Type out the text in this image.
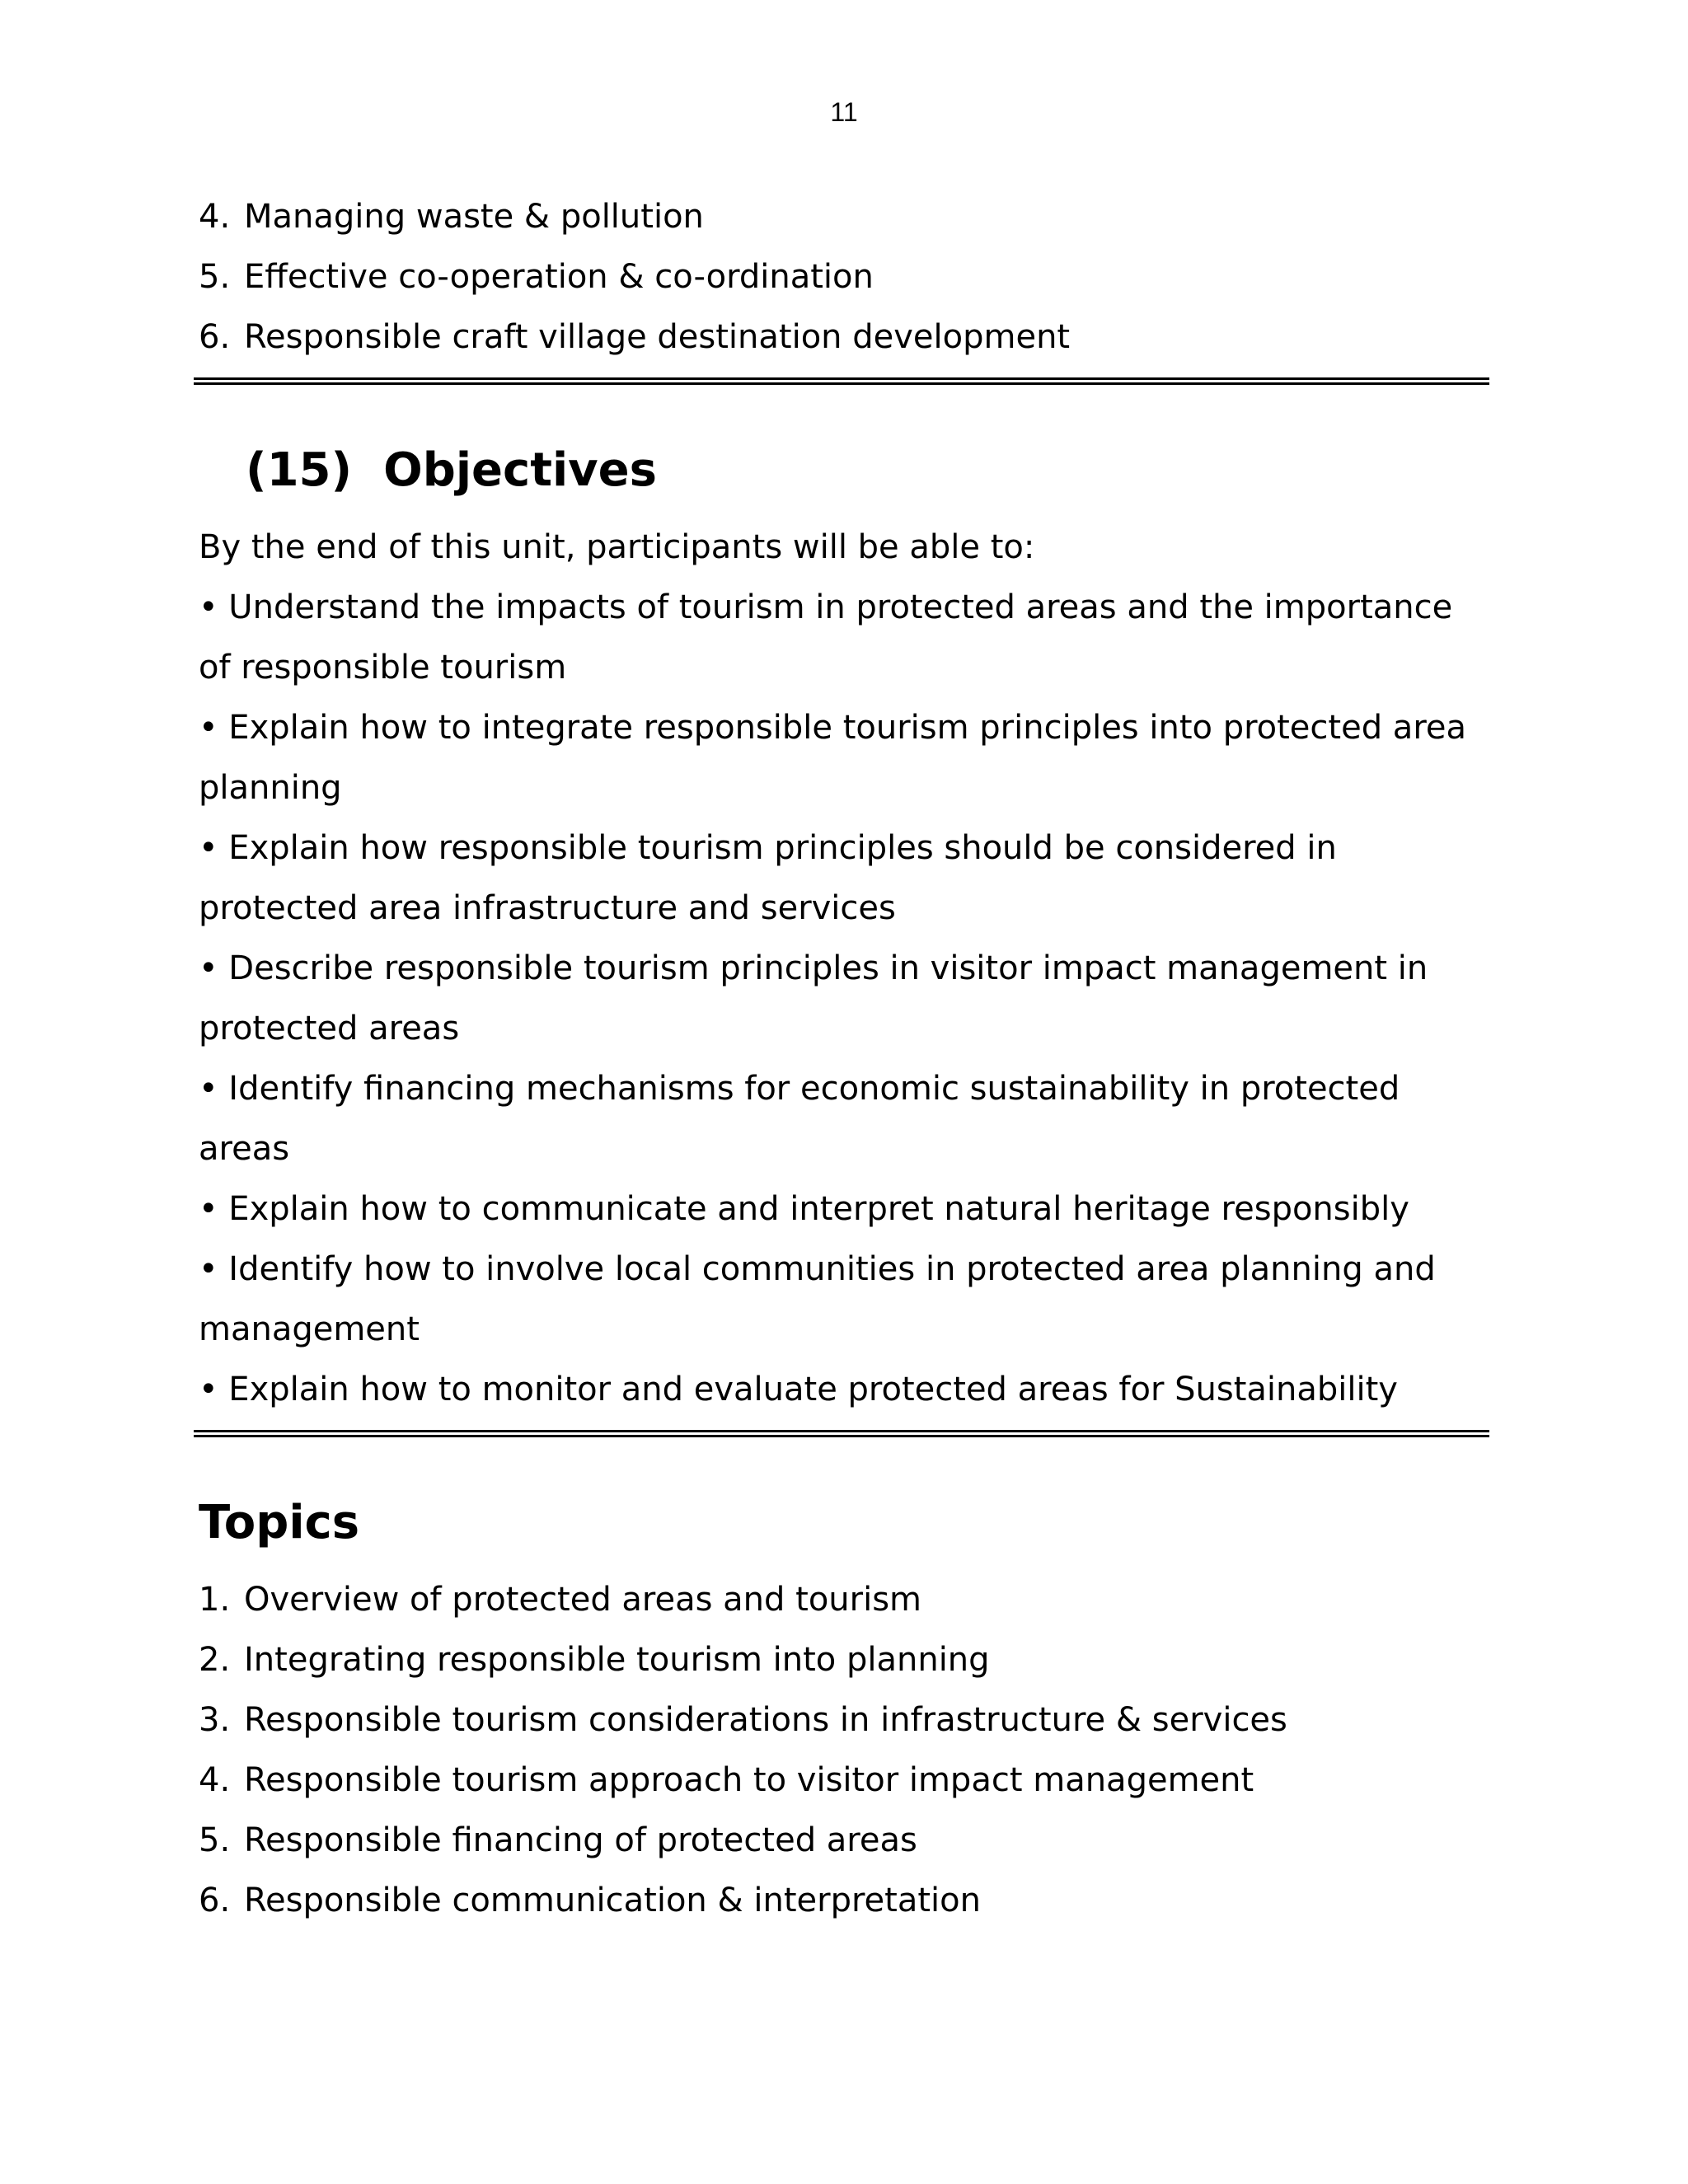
11
4. Managing waste & pollution
5. Effective co-operation & co-ordination
6. Responsible craft village destination development
(15) Objectives
By the end of this unit, participants will be able to:
• Understand the impacts of tourism in protected areas and the importance
of responsible tourism
• Explain how to integrate responsible tourism principles into protected area
planning
• Explain how responsible tourism principles should be considered in
protected area infrastructure and services
• Describe responsible tourism principles in visitor impact management in
protected areas
• Identify financing mechanisms for economic sustainability in protected
areas
• Explain how to communicate and interpret natural heritage responsibly
• Identify how to involve local communities in protected area planning and
management
• Explain how to monitor and evaluate protected areas for Sustainability
Topics
1. Overview of protected areas and tourism
2. Integrating responsible tourism into planning
3. Responsible tourism considerations in infrastructure & services
4. Responsible tourism approach to visitor impact management
5. Responsible financing of protected areas
6. Responsible communication & interpretation
